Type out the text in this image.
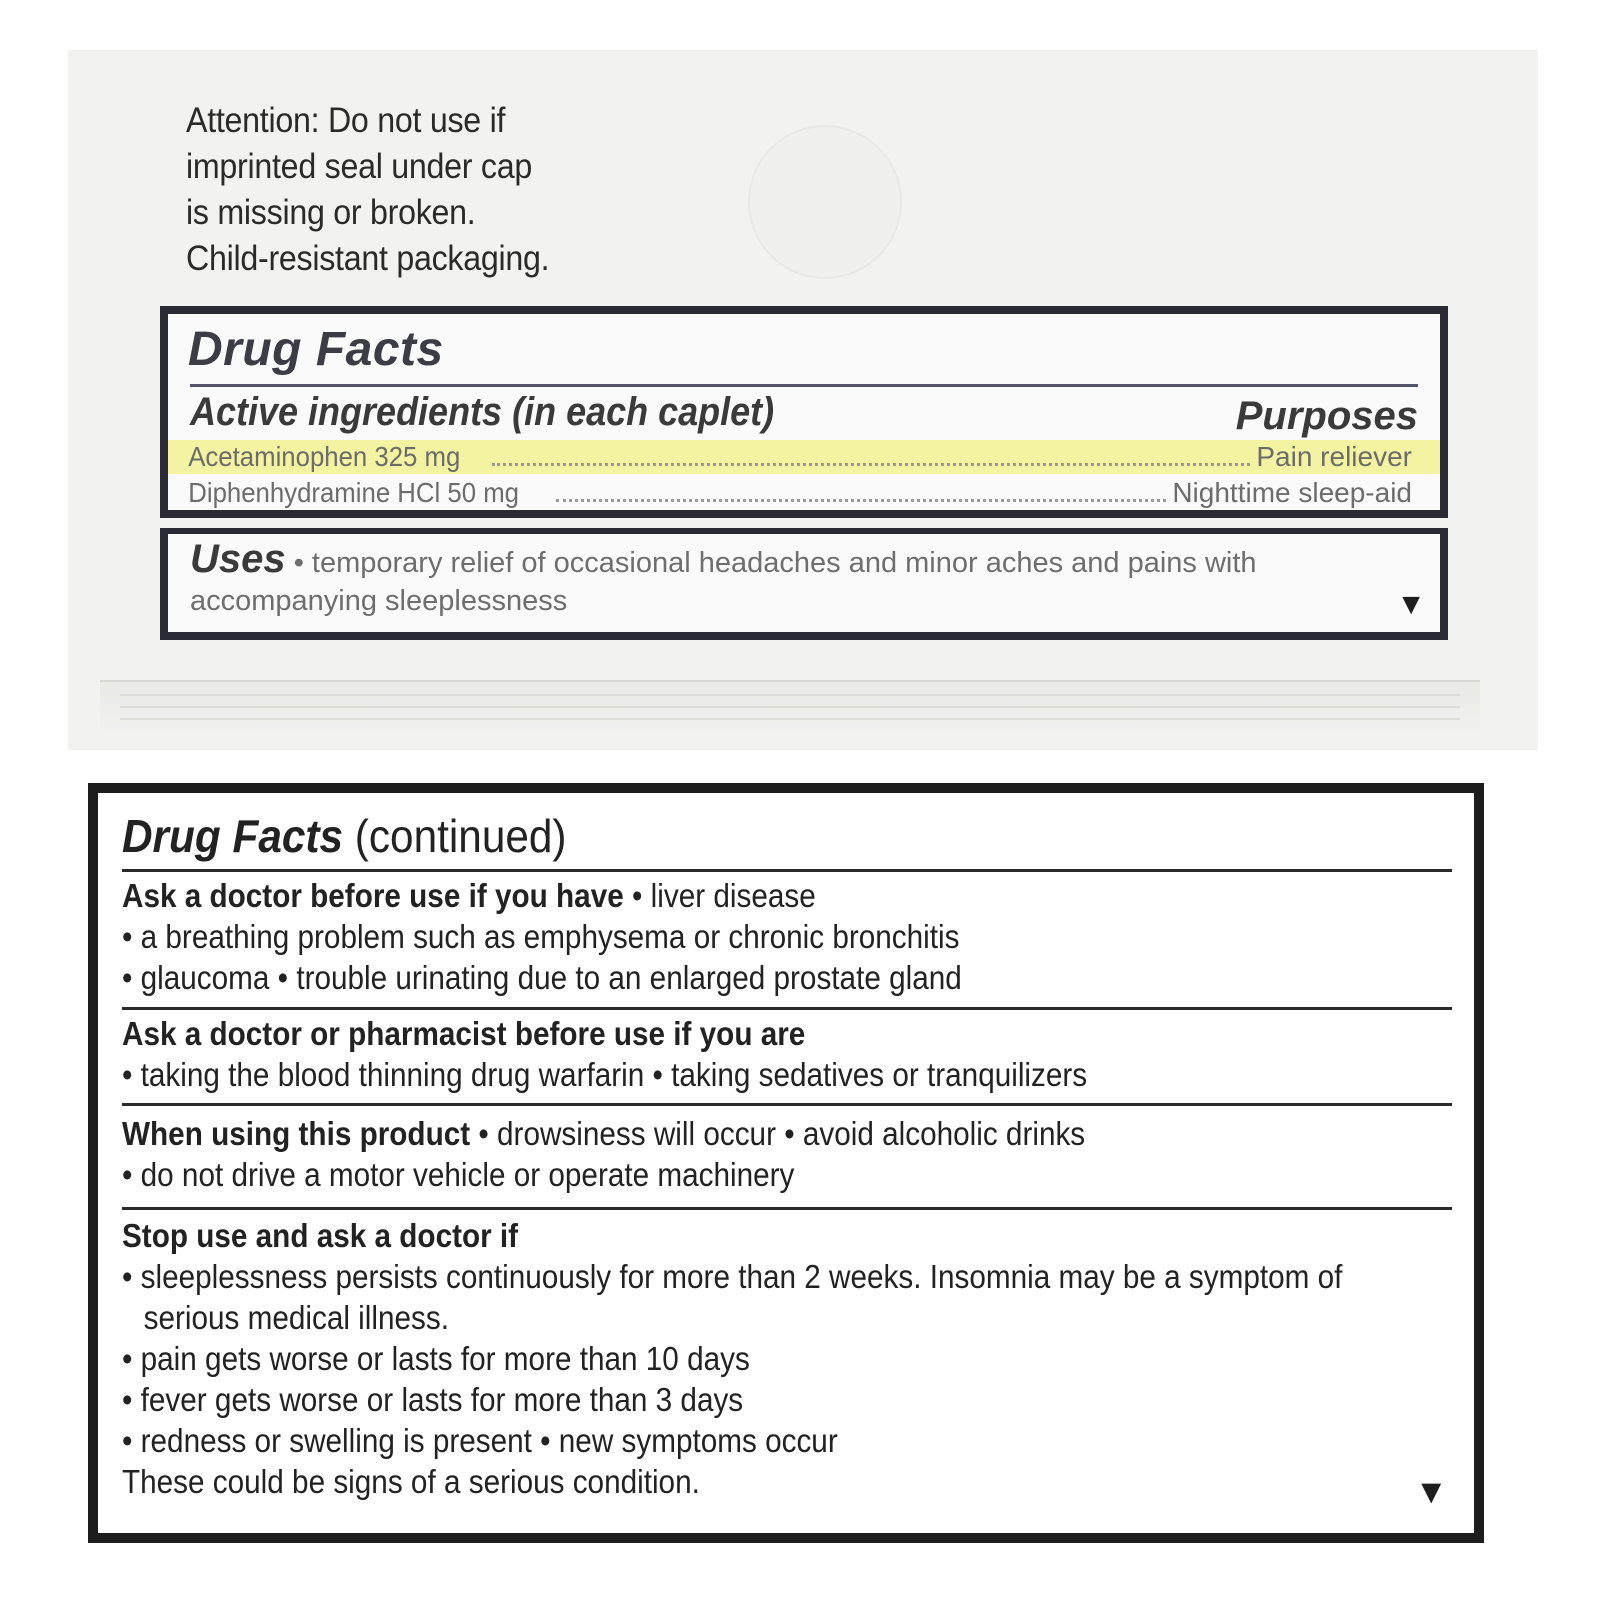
Attention: Do not use if
imprinted seal under cap
is missing or broken.
Child-resistant packaging.
Drug Facts
Active ingredients (in each caplet)	Purposes
Acetaminophen 325 mg	Pain reliever
Diphenhydramine HCl 50 mg	Nighttime sleep-aid
Uses • temporary relief of occasional headaches and minor aches and pains with accompanying sleeplessness	▼
Drug Facts (continued)
Ask a doctor before use if you have • liver disease
• a breathing problem such as emphysema or chronic bronchitis
• glaucoma • trouble urinating due to an enlarged prostate gland
Ask a doctor or pharmacist before use if you are
• taking the blood thinning drug warfarin • taking sedatives or tranquilizers
When using this product • drowsiness will occur • avoid alcoholic drinks
• do not drive a motor vehicle or operate machinery
Stop use and ask a doctor if
• sleeplessness persists continuously for more than 2 weeks. Insomnia may be a symptom of
serious medical illness.
• pain gets worse or lasts for more than 10 days
• fever gets worse or lasts for more than 3 days
• redness or swelling is present • new symptoms occur
These could be signs of a serious condition.	▼
